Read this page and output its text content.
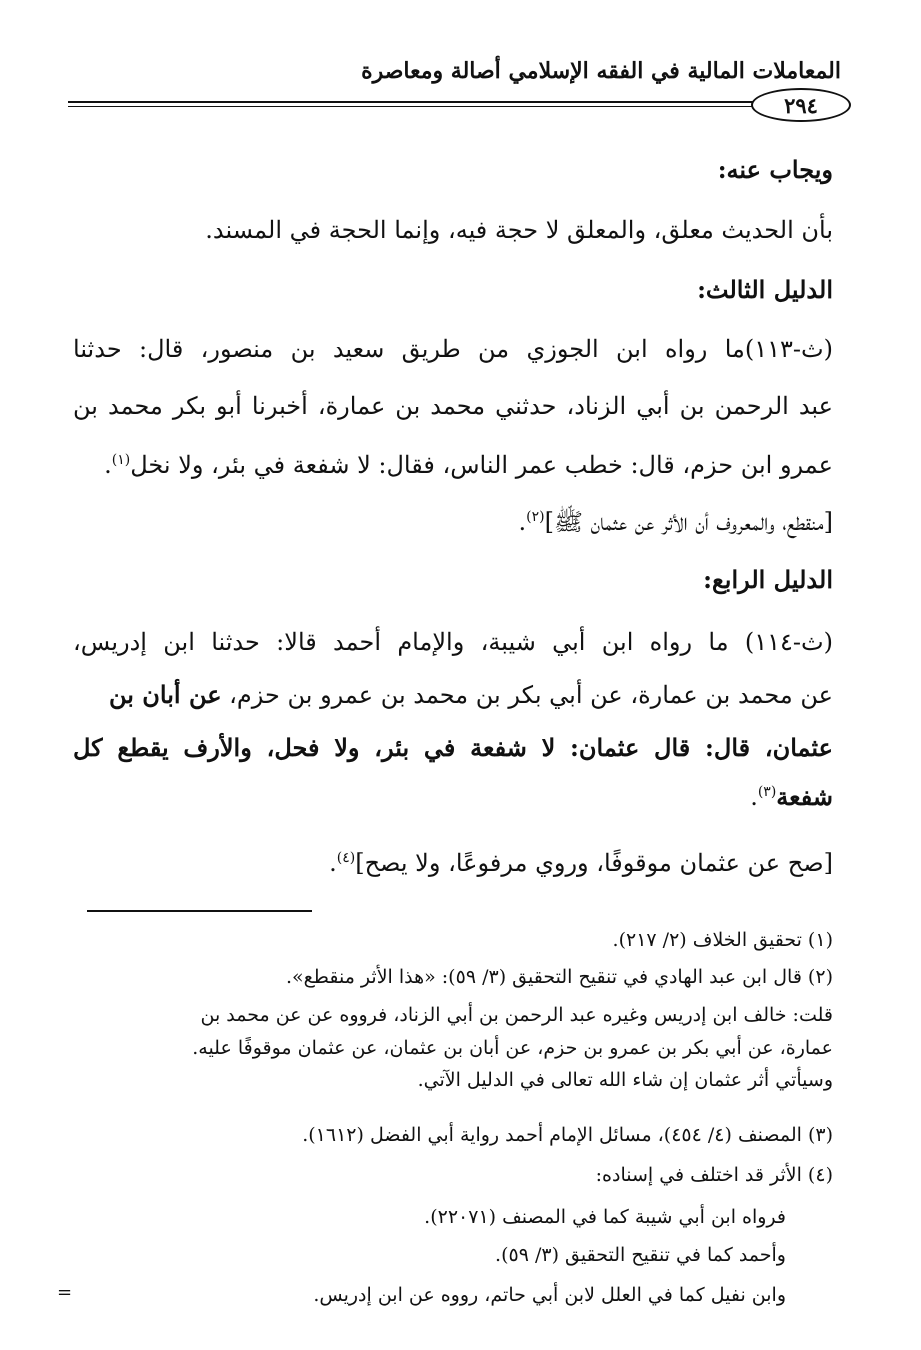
المعاملات المالية في الفقه الإسلامي أصالة ومعاصرة
٢٩٤
ويجاب عنه:
بأن الحديث معلق، والمعلق لا حجة فيه، وإنما الحجة في المسند.
الدليل الثالث:
(ث-١١٣)ما رواه ابن الجوزي من طريق سعيد بن منصور، قال: حدثنا
عبد الرحمن بن أبي الزناد، حدثني محمد بن عمارة، أخبرنا أبو بكر محمد بن
عمرو ابن حزم، قال: خطب عمر الناس، فقال: لا شفعة في بئر، ولا نخل$^{(١)}$.
[منقطع، والمعروف أن الأثر عن عثمان ﷺ]$^{(٢)}$.
الدليل الرابع:
(ث-١١٤) ما رواه ابن أبي شيبة، والإمام أحمد قالا: حدثنا ابن إدريس،
عن محمد بن عمارة، عن أبي بكر بن محمد بن عمرو بن حزم، عن أبان بن
عثمان، قال: قال عثمان: لا شفعة في بئر، ولا فحل، والأرف يقطع كل
شفعة$^{(٣)}$.
[صح عن عثمان موقوفًا، وروي مرفوعًا، ولا يصح]$^{(٤)}$.
(١) تحقيق الخلاف (٢/ ٢١٧).
(٢) قال ابن عبد الهادي في تنقيح التحقيق (٣/ ٥٩): «هذا الأثر منقطع».
قلت: خالف ابن إدريس وغيره عبد الرحمن بن أبي الزناد، فرووه عن عن محمد بن
عمارة، عن أبي بكر بن عمرو بن حزم، عن أبان بن عثمان، عن عثمان موقوفًا عليه.
وسيأتي أثر عثمان إن شاء الله تعالى في الدليل الآتي.
(٣) المصنف (٤/ ٤٥٤)، مسائل الإمام أحمد رواية أبي الفضل (١٦١٢).
(٤) الأثر قد اختلف في إسناده:
فرواه ابن أبي شيبة كما في المصنف (٢٢٠٧١).
وأحمد كما في تنقيح التحقيق (٣/ ٥٩).
وابن نفيل كما في العلل لابن أبي حاتم، رووه عن ابن إدريس.
=
